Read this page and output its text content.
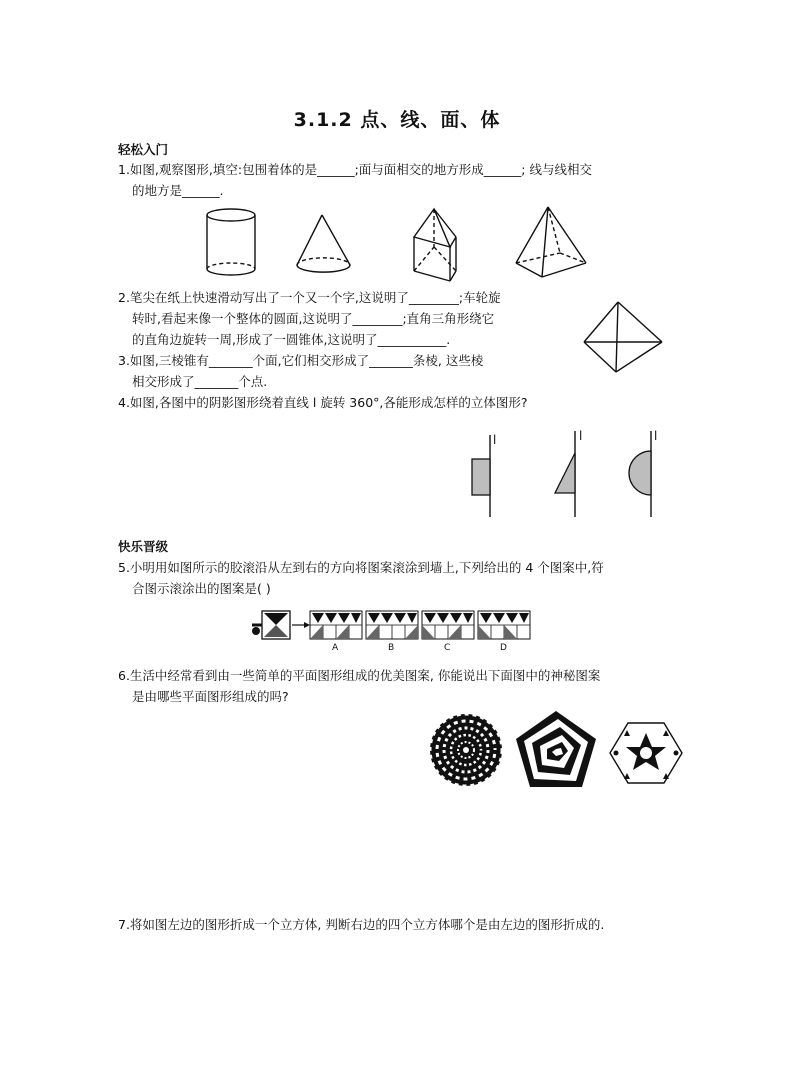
3.1.2 点、线、面、体
轻松入门
1.如图,观察图形,填空:包围着体的是______;面与面相交的地方形成______; 线与线相交
的地方是______.
2.笔尖在纸上快速滑动写出了一个又一个字,这说明了________;车轮旋
转时,看起来像一个整体的圆面,这说明了________;直角三角形绕它
的直角边旋转一周,形成了一圆锥体,这说明了___________.
3.如图,三棱锥有_______个面,它们相交形成了_______条棱, 这些棱
相交形成了_______个点.
4.如图,各图中的阴影图形绕着直线 l 旋转 360°,各能形成怎样的立体图形?
l	l	l
快乐晋级
5.小明用如图所示的胶滚沿从左到右的方向将图案滚涂到墙上,下列给出的 4 个图案中,符
合图示滚涂出的图案是( )
A	B	C	D
6.生活中经常看到由一些简单的平面图形组成的优美图案, 你能说出下面图中的神秘图案
是由哪些平面图形组成的吗?
7.将如图左边的图形折成一个立方体, 判断右边的四个立方体哪个是由左边的图形折成的.
